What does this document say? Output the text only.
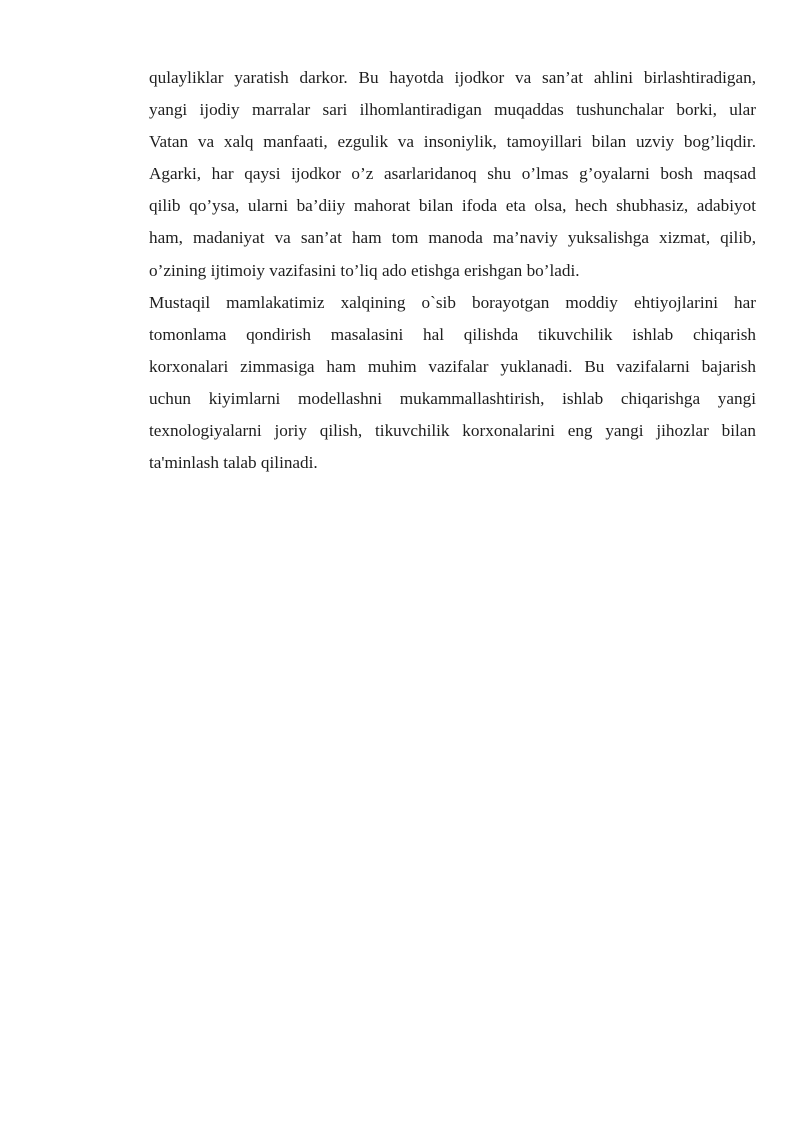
qulayliklar yaratish darkor. Bu hayotda ijodkor va san’at ahlini birlashtiradigan,
yangi ijodiy marralar sari ilhomlantiradigan muqaddas tushunchalar borki, ular
Vatan va xalq manfaati, ezgulik va insoniylik, tamoyillari bilan uzviy bog’liqdir.
Agarki, har qaysi ijodkor o’z asarlaridanoq shu o’lmas g’oyalarni bosh maqsad
qilib qo’ysa, ularni ba’diiy mahorat bilan ifoda eta olsa, hech shubhasiz, adabiyot
ham, madaniyat va san’at ham tom manoda ma’naviy yuksalishga xizmat, qilib,
o’zining ijtimoiy vazifasini to’liq ado etishga erishgan bo’ladi.

Mustaqil mamlakatimiz xalqining o`sib borayotgan moddiy ehtiyojlarini har
tomonlama qondirish masalasini hal qilishda tikuvchilik ishlab chiqarish
korxonalari zimmasiga ham muhim vazifalar yuklanadi. Bu vazifalarni bajarish
uchun kiyimlarni modellashni mukammallashtirish, ishlab chiqarishga yangi
texnologiyalarni joriy qilish, tikuvchilik korxonalarini eng yangi jihozlar bilan
ta'minlash talab qilinadi.
